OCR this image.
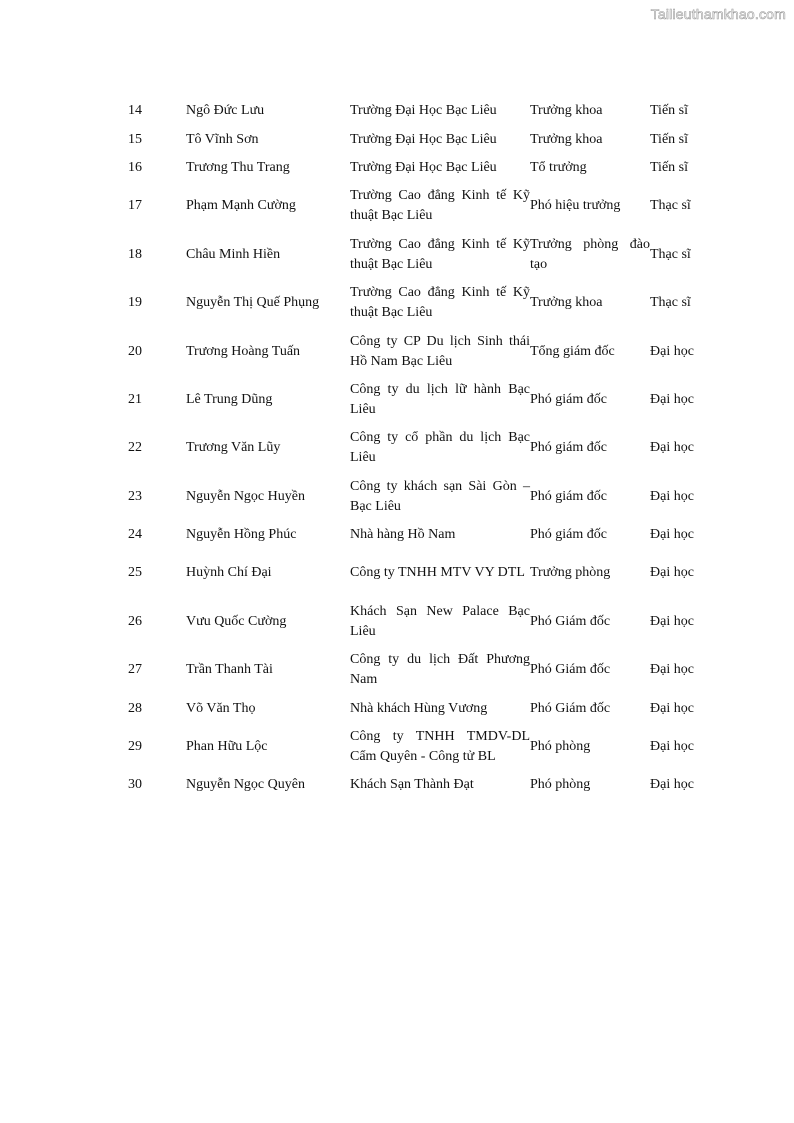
Tailieuthamkhao.com
14	Ngô Đức Lưu	Trường Đại Học Bạc Liêu	Trưởng khoa	Tiến sĩ
15	Tô Vĩnh Sơn	Trường Đại Học Bạc Liêu	Trưởng khoa	Tiến sĩ
16	Trương Thu Trang	Trường Đại Học Bạc Liêu	Tổ trưởng	Tiến sĩ
17	Phạm Mạnh Cường	Trường Cao đẳng Kinh tế Kỹ thuật Bạc Liêu	Phó hiệu trưởng	Thạc sĩ
18	Châu Minh Hiền	Trường Cao đẳng Kinh tế Kỹ thuật Bạc Liêu	Trưởng phòng đào tạo	Thạc sĩ
19	Nguyễn Thị Quế Phụng	Trường Cao đẳng Kinh tế Kỹ thuật Bạc Liêu	Trưởng khoa	Thạc sĩ
20	Trương Hoàng Tuấn	Công ty CP Du lịch Sinh thái Hồ Nam Bạc Liêu	Tổng giám đốc	Đại học
21	Lê Trung Dũng	Công ty du lịch lữ hành Bạc Liêu	Phó giám đốc	Đại học
22	Trương Văn Lũy	Công ty cổ phần du lịch Bạc Liêu	Phó giám đốc	Đại học
23	Nguyễn Ngọc Huyền	Công ty khách sạn Sài Gòn – Bạc Liêu	Phó giám đốc	Đại học
24	Nguyễn Hồng Phúc	Nhà hàng Hồ Nam	Phó giám đốc	Đại học
25	Huỳnh Chí Đại	Công ty TNHH MTV VY DTL	Trưởng phòng	Đại học
26	Vưu Quốc Cường	Khách Sạn New Palace Bạc Liêu	Phó Giám đốc	Đại học
27	Trần Thanh Tài	Công ty du lịch Đất Phương Nam	Phó Giám đốc	Đại học
28	Võ Văn Thọ	Nhà khách Hùng Vương	Phó Giám đốc	Đại học
29	Phan Hữu Lộc	Công ty TNHH TMDV-DL Cẩm Quyên - Công tử BL	Phó phòng	Đại học
30	Nguyễn Ngọc Quyên	Khách Sạn Thành Đạt	Phó phòng	Đại học
